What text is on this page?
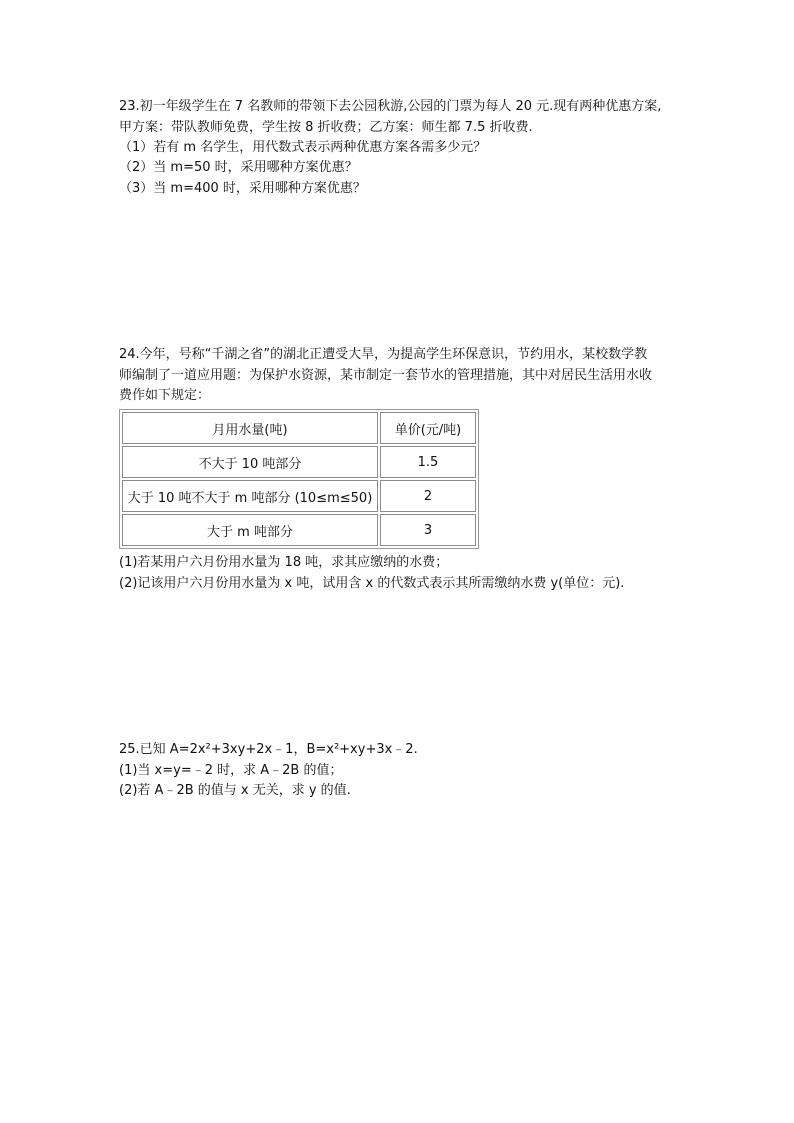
23.初一年级学生在 7 名教师的带领下去公园秋游,公园的门票为每人 20 元.现有两种优惠方案,
甲方案：带队教师免费，学生按 8 折收费；乙方案：师生都 7.5 折收费.
（1）若有 m 名学生，用代数式表示两种优惠方案各需多少元？
（2）当 m=50 时，采用哪种方案优惠？
（3）当 m=400 时，采用哪种方案优惠？
24.今年，号称“千湖之省”的湖北正遭受大旱，为提高学生环保意识，节约用水，某校数学教
师编制了一道应用题：为保护水资源，某市制定一套节水的管理措施，其中对居民生活用水收
费作如下规定：
月用水量(吨)	单价(元/吨)
不大于 10 吨部分	1.5
大于 10 吨不大于 m 吨部分 (10≤m≤50)	2
大于 m 吨部分	3
(1)若某用户六月份用水量为 18 吨，求其应缴纳的水费；
(2)记该用户六月份用水量为 x 吨，试用含 x 的代数式表示其所需缴纳水费 y(单位：元).
25.已知 A=2x²+3xy+2x﹣1，B=x²+xy+3x﹣2.
(1)当 x=y=﹣2 时，求 A﹣2B 的值；
(2)若 A﹣2B 的值与 x 无关，求 y 的值.
